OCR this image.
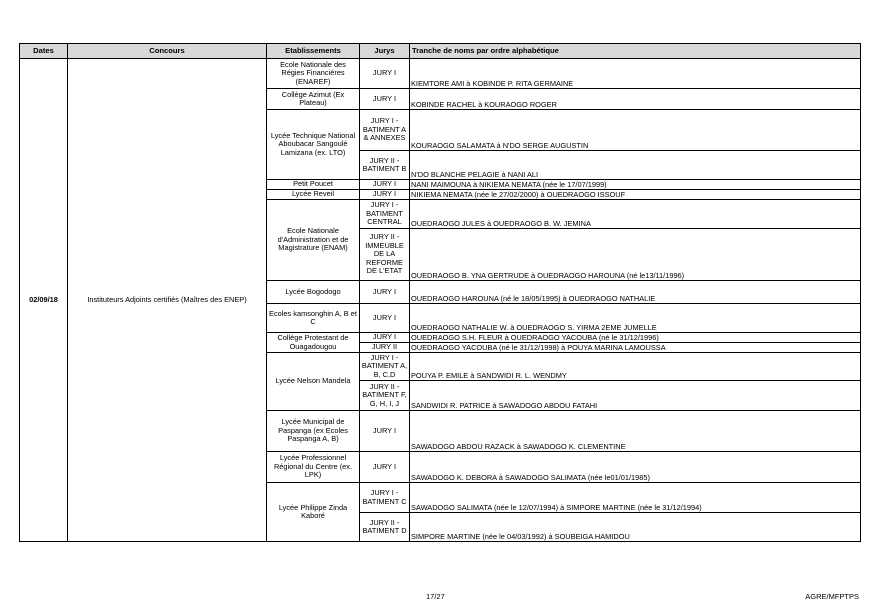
Dates	Concours	Etablissements	Jurys	Tranche de noms par ordre alphabétique
02/09/18	Instituteurs Adjoints certifiés (Maîtres des ENEP)	Ecole Nationale des Régies Financières (ENAREF)	JURY I	KIEMTORE AMI à KOBINDE P. RITA GERMAINE
		Collège Azimut (Ex Plateau)	JURY I	KOBINDE RACHEL à KOURAOGO ROGER
		Lycée Technique National Aboubacar Sangoulé Lamizana (ex. LTO)	JURY I - BATIMENT A & ANNEXES	KOURAOGO SALAMATA à N'DO SERGE AUGUSTIN
			JURY II - BATIMENT B	N'DO BLANCHE PELAGIE à NANI ALI
		Petit Poucet	JURY I	NANI MAIMOUNA à NIKIEMA NEMATA (née le 17/07/1999)
		Lycée Reveil	JURY I	NIKIEMA NEMATA (née le 27/02/2000) à OUEDRAOGO ISSOUF
		Ecole Nationale d'Administration et de Magistrature (ENAM)	JURY I - BATIMENT CENTRAL	OUEDRAOGO JULES à OUEDRAOGO B. W. JEMINA
			JURY II - IMMEUBLE DE LA REFORME DE L'ETAT	OUEDRAOGO B. YNA GERTRUDE à OUEDRAOGO HAROUNA (né le13/11/1996)
		Lycée Bogodogo	JURY I	OUEDRAOGO HAROUNA (né le 18/05/1995) à OUEDRAOGO NATHALIE
		Ecoles kamsonghin A, B et C	JURY I	OUEDRAOGO NATHALIE W. à OUEDRAOGO S. YIRMA 2EME JUMELLE
		Collège Protestant de Ouagadougou	JURY I	OUEDRAOGO S.H. FLEUR à OUEDRAOGO YACOUBA (né le 31/12/1996)
			JURY II	OUEDRAOGO YACOUBA (né le 31/12/1998) à POUYA MARINA LAMOUSSA
		Lycée Nelson Mandela	JURY I - BATIMENT A, B, C,D	POUYA P. EMILE à SANDWIDI R. L. WENDMY
			JURY II - BATIMENT F, G, H, I, J	SANDWIDI R. PATRICE à SAWADOGO ABDOU FATAHI
		Lycée Municipal de Paspanga (ex Ecoles Paspanga A, B)	JURY I	SAWADOGO ABDOU RAZACK à SAWADOGO K. CLEMENTINE
		Lycée Professionnel Régional du Centre (ex. LPK)	JURY I	SAWADOGO K. DEBORA à SAWADOGO SALIMATA (née le01/01/1985)
		Lycée Philippe Zinda Kaboré	JURY I - BATIMENT C	SAWADOGO SALIMATA (née le 12/07/1994) à SIMPORE MARTINE (née le 31/12/1994)
			JURY II - BATIMENT D	SIMPORE MARTINE (née le 04/03/1992) à SOUBEIGA HAMIDOU
17/27	AGRE/MFPTPS
